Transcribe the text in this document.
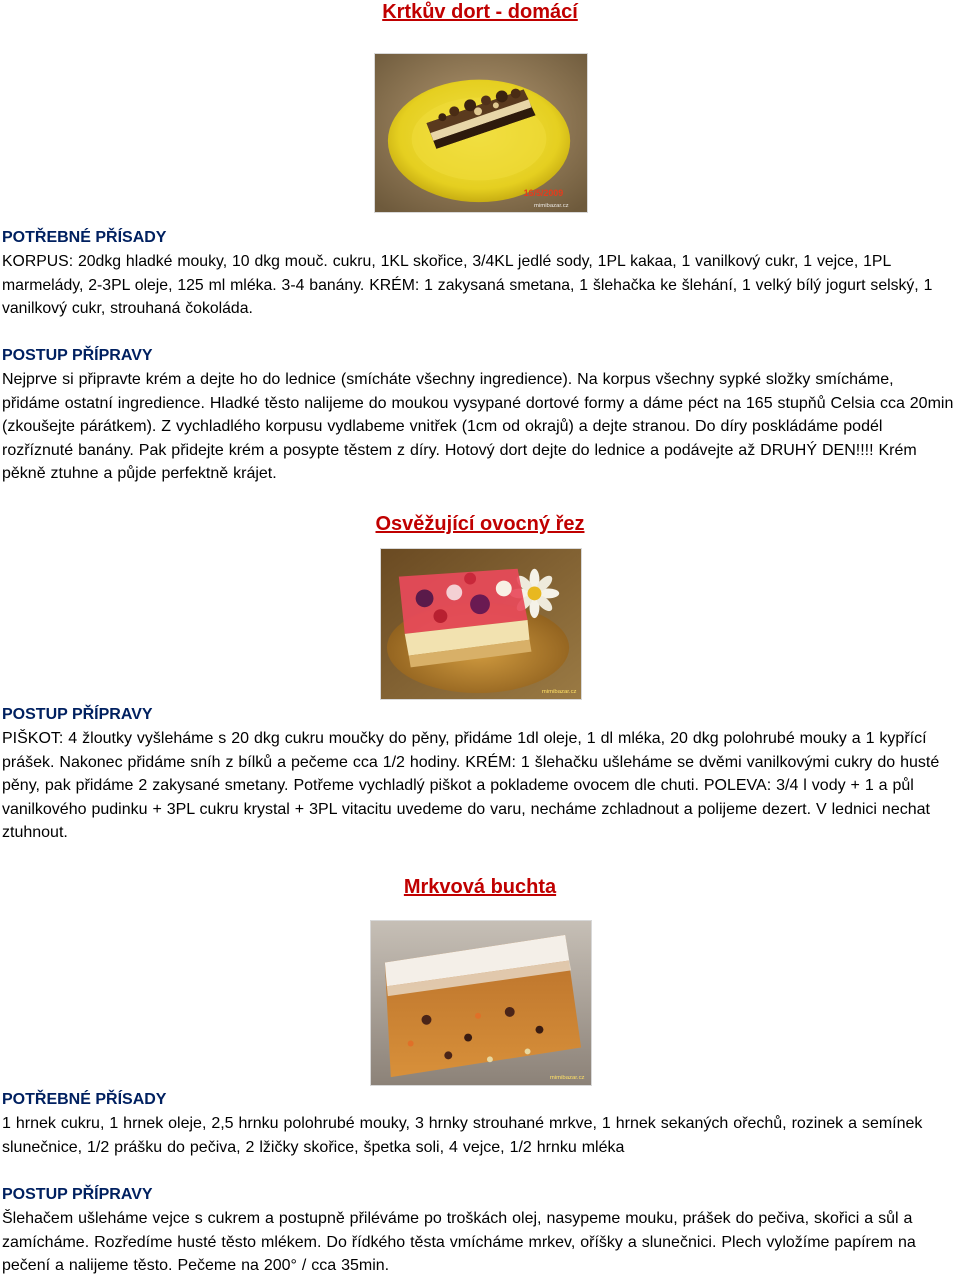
Krtkův dort - domácí
16/5/2009
mimibazar.cz
POTŘEBNÉ PŘÍSADY

KORPUS: 20dkg hladké mouky, 10 dkg mouč. cukru, 1KL skořice, 3/4KL jedlé sody, 1PL kakaa, 1 vanilkový cukr, 1 vejce, 1PL marmelády, 2-3PL oleje, 125 ml mléka. 3-4 banány. KRÉM: 1 zakysaná smetana, 1 šlehačka ke šlehání, 1 velký bílý jogurt selský, 1 vanilkový cukr, strouhaná čokoláda.

POSTUP PŘÍPRAVY

Nejprve si připravte krém a dejte ho do lednice (smícháte všechny ingredience). Na korpus všechny sypké složky smícháme, přidáme ostatní ingredience. Hladké těsto nalijeme do moukou vysypané dortové formy a dáme péct na 165 stupňů Celsia cca 20min (zkoušejte párátkem). Z vychladlého korpusu vydlabeme vnitřek (1cm od okrajů) a dejte stranou. Do díry poskládáme podél rozříznuté banány. Pak přidejte krém a posypte těstem z díry. Hotový dort dejte do lednice a podávejte až DRUHÝ DEN!!!! Krém pěkně ztuhne a půjde perfektně krájet.

Osvěžující ovocný řez
mimibazar.cz
POSTUP PŘÍPRAVY

PIŠKOT: 4 žloutky vyšleháme s 20 dkg cukru moučky do pěny, přidáme 1dl oleje, 1 dl mléka, 20 dkg polohrubé mouky a 1 kypřící prášek. Nakonec přidáme sníh z bílků a pečeme cca 1/2 hodiny. KRÉM: 1 šlehačku ušleháme se dvěmi vanilkovými cukry do husté pěny, pak přidáme 2 zakysané smetany. Potřeme vychladlý piškot a poklademe ovocem dle chuti. POLEVA: 3/4 l vody + 1 a půl vanilkového pudinku + 3PL cukru krystal + 3PL vitacitu uvedeme do varu, necháme zchladnout a polijeme dezert. V lednici nechat ztuhnout.

Mrkvová buchta
mimibazar.cz
POTŘEBNÉ PŘÍSADY

1 hrnek cukru, 1 hrnek oleje, 2,5 hrnku polohrubé mouky, 3 hrnky strouhané mrkve, 1 hrnek sekaných ořechů, rozinek a semínek slunečnice, 1/2 prášku do pečiva, 2 lžičky skořice, špetka soli, 4 vejce, 1/2 hrnku mléka

POSTUP PŘÍPRAVY

Šlehačem ušleháme vejce s cukrem a postupně přiléváme po troškách olej, nasypeme mouku, prášek do pečiva, skořici a sůl a zamícháme. Rozředíme husté těsto mlékem. Do řídkého těsta vmícháme mrkev, oříšky a slunečnici. Plech vyložíme papírem na pečení a nalijeme těsto. Pečeme na 200° / cca 35min.
